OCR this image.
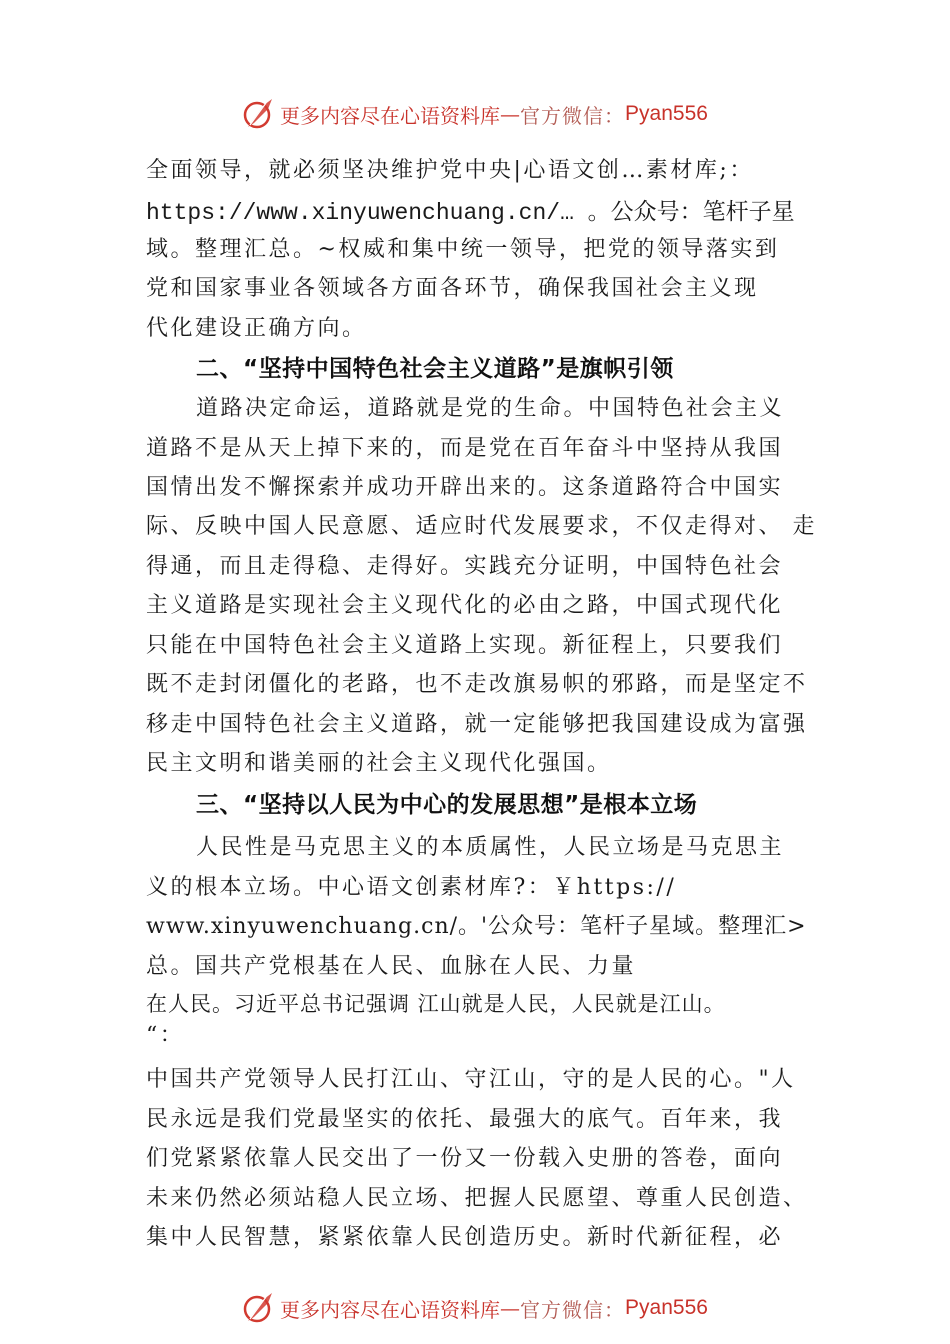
更多内容尽在心语资料库 — 官方微信： Pyan556
全面领导，就必须坚决维护党中央|心语文创…素材库;：
https://www.xinyuwenchuang.cn/… 。公众号：笔杆子星
域。整理汇总。~权威和集中统一领导，把党的领导落实到
党和国家事业各领域各方面各环节，确保我国社会主义现
代化建设正确方向。
二、“坚持中国特色社会主义道路”是旗帜引领
道路决定命运，道路就是党的生命。中国特色社会主义
道路不是从天上掉下来的，而是党在百年奋斗中坚持从我国
国情出发不懈探索并成功开辟出来的。这条道路符合中国实
际、反映中国人民意愿、适应时代发展要求，不仅走得对、 走
得通，而且走得稳、走得好。实践充分证明，中国特色社会
主义道路是实现社会主义现代化的必由之路，中国式现代化
只能在中国特色社会主义道路上实现。新征程上，只要我们
既不走封闭僵化的老路，也不走改旗易帜的邪路，而是坚定不
移走中国特色社会主义道路，就一定能够把我国建设成为富强
民主文明和谐美丽的社会主义现代化强国。
三、“坚持以人民为中心的发展思想”是根本立场
人民性是马克思主义的本质属性，人民立场是马克思主
义的根本立场。中心语文创素材库?：￥https://
www.xinyuwenchuang.cn/。'公众号：笔杆子星域。整理汇>
总。国共产党根基在人民、血脉在人民、力量
在人民。习近平总书记强调 江山就是人民，人民就是江山。
“：
中国共产党领导人民打江山、守江山，守的是人民的心。"人
民永远是我们党最坚实的依托、最强大的底气。百年来，我
们党紧紧依靠人民交出了一份又一份载入史册的答卷，面向
未来仍然必须站稳人民立场、把握人民愿望、尊重人民创造、
集中人民智慧，紧紧依靠人民创造历史。新时代新征程，必
更多内容尽在心语资料库 — 官方微信： Pyan556
